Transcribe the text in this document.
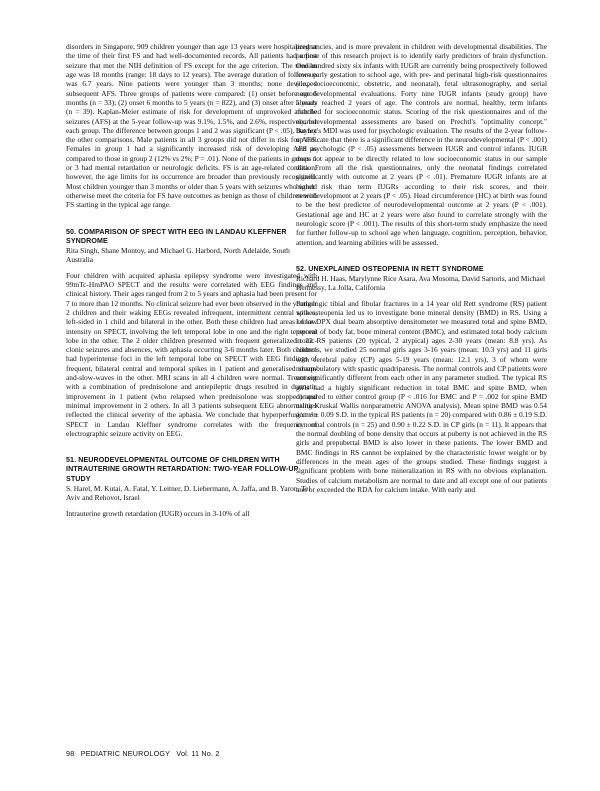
disorders in Singapore, 909 children younger than age 13 years were hospitalized at the time of their first FS and had well-documented records. All patients had a first seizure that met the NIH definition of FS except for the age criterion. The median age was 18 months (range: 18 days to 12 years). The average duration of follow-up was 6.7 years. Nine patients were younger than 3 months; none developed subsequent AFS. Three groups of patients were compared: (1) onset before age 6 months (n = 33); (2) onset 6 months to 5 years (n = 822), and (3) onset after 5 years (n = 39). Kaplan-Meier estimate of risk for development of unprovoked afebrile seizures (AFS) at the 5-year follow-up was 9.1%, 1.5%, and 2.6%, respectively, for each group. The difference between groups 1 and 2 was significant (P < .05), but not the other comparisons. Male patients in all 3 groups did not differ in risk for AFS. Females in group 1 had a significantly increased risk of developing AFS as compared to those in group 2 (12% vs 2%; P = .01). None of the patients in groups 1 or 3 had mental retardation or neurologic deficits. FS is an age-related condition; however, the age limits for its occurrence are broader than previously recognized. Most children younger than 3 months or older than 5 years with seizures who would otherwise meet the criteria for FS have outcomes as benign as those of children with FS starting in the typical age range.

50. COMPARISON OF SPECT WITH EEG IN LANDAU KLEFFNER SYNDROME

Rita Singh, Shane Montoy, and Michael G. Harbord, North Adelaide, South Australia

Four children with acquired aphasia epilepsy syndrome were investigated with 99mTc-HmPAO SPECT and the results were correlated with EEG findings and clinical history. Their ages ranged from 2 to 5 years and aphasia had been present for 7 to more than 12 months. No clinical seizure had ever been observed in the younger 2 children and their waking EEGs revealed infrequent, intermittent central spikes, left-sided in 1 child and bilateral in the other. Both these children had areas of low intensity on SPECT, involving the left temporal lobe in one and the right temporal lobe in the other. The 2 older children presented with frequent generalized tonic-clonic seizures and absences, with aphasia occurring 3-6 months later. Both children had hyperintense foci in the left temporal lobe on SPECT with EEG findings of frequent, bilateral central and temporal spikes in 1 patient and generalised sharp-and-slow-waves in the other. MRI scans in all 4 children were normal. Treatment with a combination of prednisolone and antiepileptic drugs resulted in dramatic improvement in 1 patient (who relapsed when prednisolone was stopped) and minimal improvement in 2 others. In all 3 patients subsequent EEG abnormalities reflected the clinical severity of the aphasia. We conclude that hyperperfusion on SPECT in Landau Kleffner syndrome correlates with the frequency of electrographic seizure activity on EEG.

51. NEURODEVELOPMENTAL OUTCOME OF CHILDREN WITH INTRAUTERINE GROWTH RETARDATION: TWO-YEAR FOLLOW-UP STUDY

S. Harel, M. Kutai, A. Fatal, Y. Leitner, D. Liebermann, A. Jaffa, and B. Yaron, Tel Aviv and Rehovot, Israel

Intrauterine growth retardation (IUGR) occurs in 3-10% of all

pregnancies, and is more prevalent in children with developmental disabilities. The purpose of this research project is to identify early predictors of brain dysfunction. One hundred sixty six infants with IUGR are currently being prospectively followed from early gestation to school age, with pre- and perinatal high-risk questionnaires (i.e., socioeconomic, obstetric, and neonatal), fetal ultrasonography, and serial neurodevelopmental evaluations. Forty nine IUGR infants (study group) have already reached 2 years of age. The controls are normal, healthy, term infants matched for socioeconomic status. Scoring of the risk questionnaires and of the neurodevelopmental assessments are based on Prechtl's "optimality concept." Bayley's MDI was used for psychologic evaluation. The results of the 2-year follow-up indicate that there is a significant difference in the neurodevelopmental (P < .001) and psychologic (P < .05) assessments between IUGR and control infants. IUGR does not appear to be directly related to low socioeconomic status in our sample data. From all the risk questionnaires, only the neonatal findings correlated significantly with outcome at 2 years (P < .01). Premature IUGR infants are at higher risk than term IUGRs according to their risk scores, and their neurodevelopment at 2 years (P < .05). Head circumference (HC) at birth was found to be the best predictor of neurodevelopmental outcome at 2 years (P < .001). Gestational age and HC at 2 years were also found to correlate strongly with the neurologic score (P < .001). The results of this short-term study emphasize the need for further follow-up to school age when language, cognition, perception, behavior, attention, and learning abilities will be assessed.

52. UNEXPLAINED OSTEOPENIA IN RETT SYNDROME

Richard H. Haas, Marylynne Rice Asara, Ava Mosoma, David Sartoris, and Michael Hennessy, La Jolla, California

Pathologic tibial and fibular fractures in a 14 year old Rett syndrome (RS) patient with osteopenia led us to investigate bone mineral density (BMD) in RS. Using a Lunar DPX dual beam absorptive densitometer we measured total and spine BMD, percent of body fat, bone mineral content (BMC), and estimated total body calcium in 22 RS patients (20 typical, 2 atypical) ages 2-30 years (mean: 8.8 yrs). As controls, we studied 25 normal girls ages 3-16 years (mean: 10.3 yrs) and 11 girls with cerebral palsy (CP) ages 5-19 years (mean: 12.1 yrs), 3 of whom were nonambulatory with spastic quadriparesis. The normal controls and CP patients were not significantly different from each other in any parameter studied. The typical RS girls had a highly significant reduction in total BMC and spine BMD, when compared to either control group (P < .016 for BMC and P = .002 for spine BMD using Kruskal Wallis nonparametric ANOVA analysis). Mean spine BMD was 0.54 g/cm² ± 0.09 S.D. in the typical RS patients (n = 20) compared with 0.86 ± 0.19 S.D. in normal controls (n = 25) and 0.90 ± 0.22 S.D. in CP girls (n = 11). It appears that the normal doubling of bone density that occurs at puberty is not achieved in the RS girls and prepubertal BMD is also lower in these patients. The lower BMD and BMC findings in RS cannot be explained by the characteristic lower weight or by differences in the mean ages of the groups studied. These findings suggest a significant problem with bone mineralization in RS with no obvious explanation. Studies of calcium metabolism are normal to date and all except one of our patients met or exceeded the RDA for calcium intake. With early and

98 PEDIATRIC NEUROLOGY Vol. 11 No. 2
